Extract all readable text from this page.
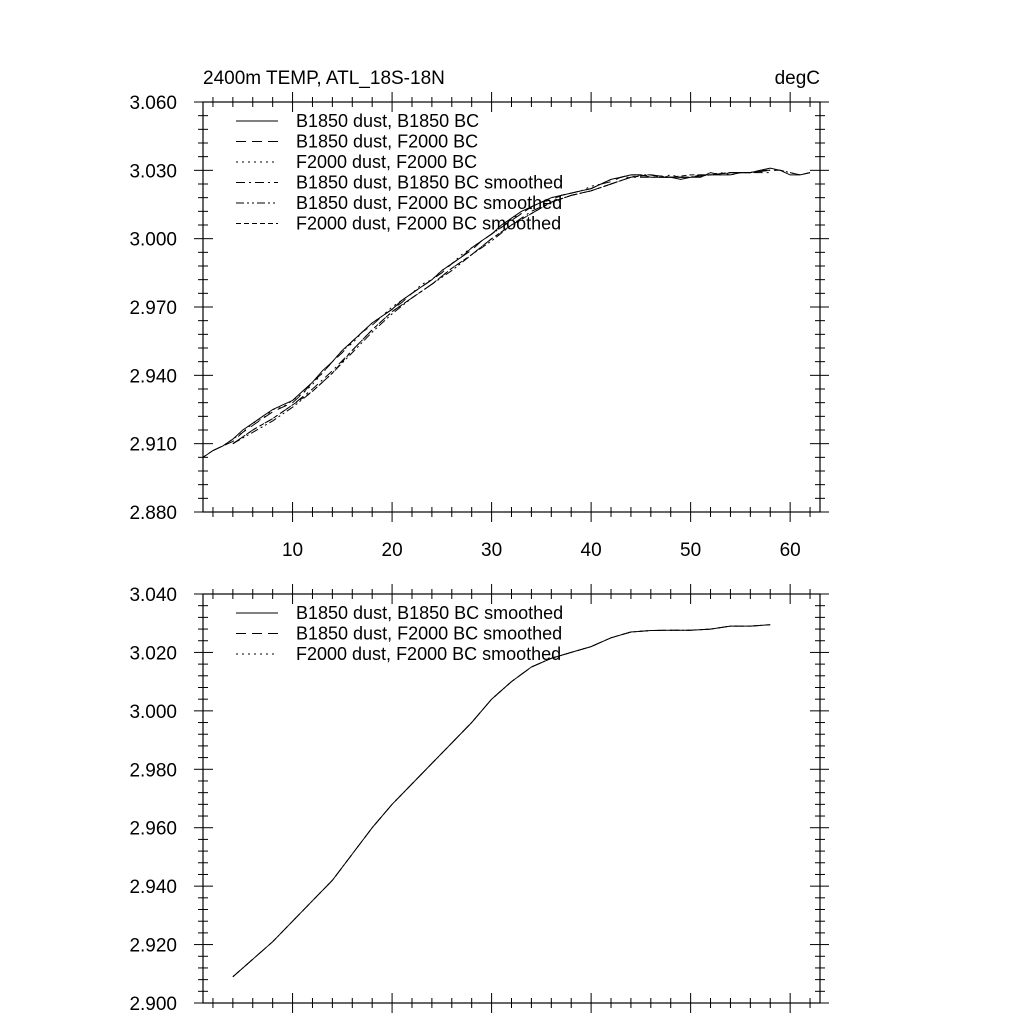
2400m TEMP, ATL_18S-18N	degC
2.880
2.910
2.940
2.970
3.000
3.030
3.060
10	20	30	40	50	60
B1850 dust, B1850 BC
B1850 dust, F2000 BC
F2000 dust, F2000 BC
B1850 dust, B1850 BC smoothed
B1850 dust, F2000 BC smoothed
F2000 dust, F2000 BC smoothed
2.900
2.920
2.940
2.960
2.980
3.000
3.020
3.040
B1850 dust, B1850 BC smoothed
B1850 dust, F2000 BC smoothed
F2000 dust, F2000 BC smoothed
